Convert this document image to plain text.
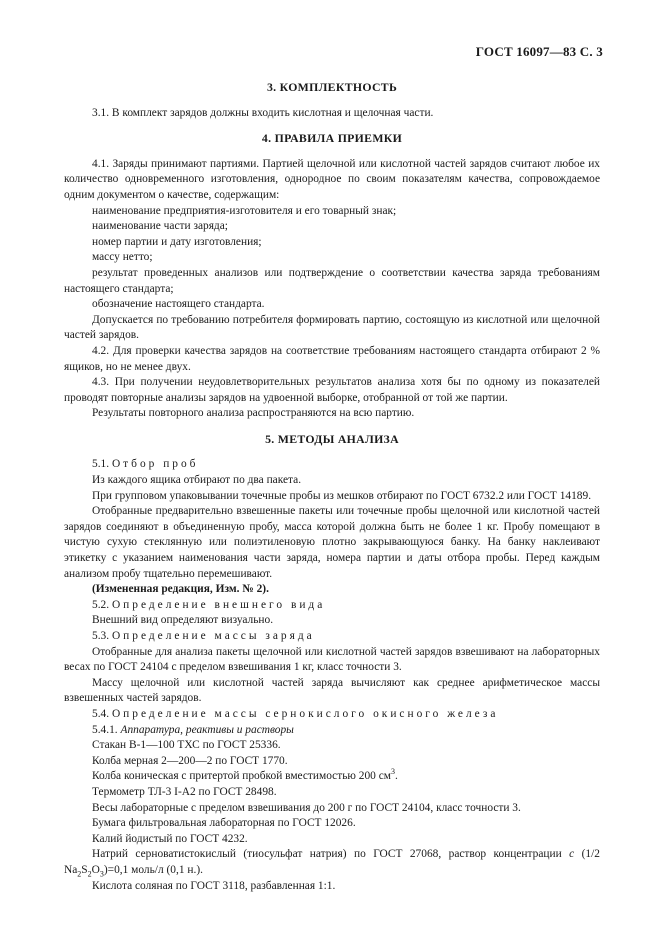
ГОСТ 16097—83 С. 3
3. КОМПЛЕКТНОСТЬ

3.1. В комплект зарядов должны входить кислотная и щелочная части.

4. ПРАВИЛА ПРИЕМКИ

4.1. Заряды принимают партиями. Партией щелочной или кислотной частей зарядов считают любое их количество одновременного изготовления, однородное по своим показателям качества, сопровождаемое одним документом о качестве, содержащим:

наименование предприятия-изготовителя и его товарный знак;

наименование части заряда;

номер партии и дату изготовления;

массу нетто;

результат проведенных анализов или подтверждение о соответствии качества заряда требованиям настоящего стандарта;

обозначение настоящего стандарта.

Допускается по требованию потребителя формировать партию, состоящую из кислотной или щелочной частей зарядов.

4.2. Для проверки качества зарядов на соответствие требованиям настоящего стандарта отбирают 2 % ящиков, но не менее двух.

4.3. При получении неудовлетворительных результатов анализа хотя бы по одному из показателей проводят повторные анализы зарядов на удвоенной выборке, отобранной от той же партии.

Результаты повторного анализа распространяются на всю партию.

5. МЕТОДЫ АНАЛИЗА

5.1. Отбор проб

Из каждого ящика отбирают по два пакета.

При групповом упаковывании точечные пробы из мешков отбирают по ГОСТ 6732.2 или ГОСТ 14189.

Отобранные предварительно взвешенные пакеты или точечные пробы щелочной или кислотной частей зарядов соединяют в объединенную пробу, масса которой должна быть не более 1 кг. Пробу помещают в чистую сухую стеклянную или полиэтиленовую плотно закрывающуюся банку. На банку наклеивают этикетку с указанием наименования части заряда, номера партии и даты отбора пробы. Перед каждым анализом пробу тщательно перемешивают.

(Измененная редакция, Изм. № 2).

5.2. Определение внешнего вида

Внешний вид определяют визуально.

5.3. Определение массы заряда

Отобранные для анализа пакеты щелочной или кислотной частей зарядов взвешивают на лабораторных весах по ГОСТ 24104 с пределом взвешивания 1 кг, класс точности 3.

Массу щелочной или кислотной частей заряда вычисляют как среднее арифметическое массы взвешенных частей зарядов.

5.4. Определение массы сернокислого окисного железа

5.4.1. Аппаратура, реактивы и растворы

Стакан В-1—100 ТХС по ГОСТ 25336.

Колба мерная 2—200—2 по ГОСТ 1770.

Колба коническая с притертой пробкой вместимостью 200 $см^3$.

Термометр ТЛ-3 I-А2 по ГОСТ 28498.

Весы лабораторные с пределом взвешивания до 200 г по ГОСТ 24104, класс точности 3.

Бумага фильтровальная лабораторная по ГОСТ 12026.

Калий йодистый по ГОСТ 4232.

Натрий серноватистокислый (тиосульфат натрия) по ГОСТ 27068, раствор концентрации c (1/2 $Na_2S_2O_3)=0,1$ моль/л (0,1 н.).

Кислота соляная по ГОСТ 3118, разбавленная 1:1.
